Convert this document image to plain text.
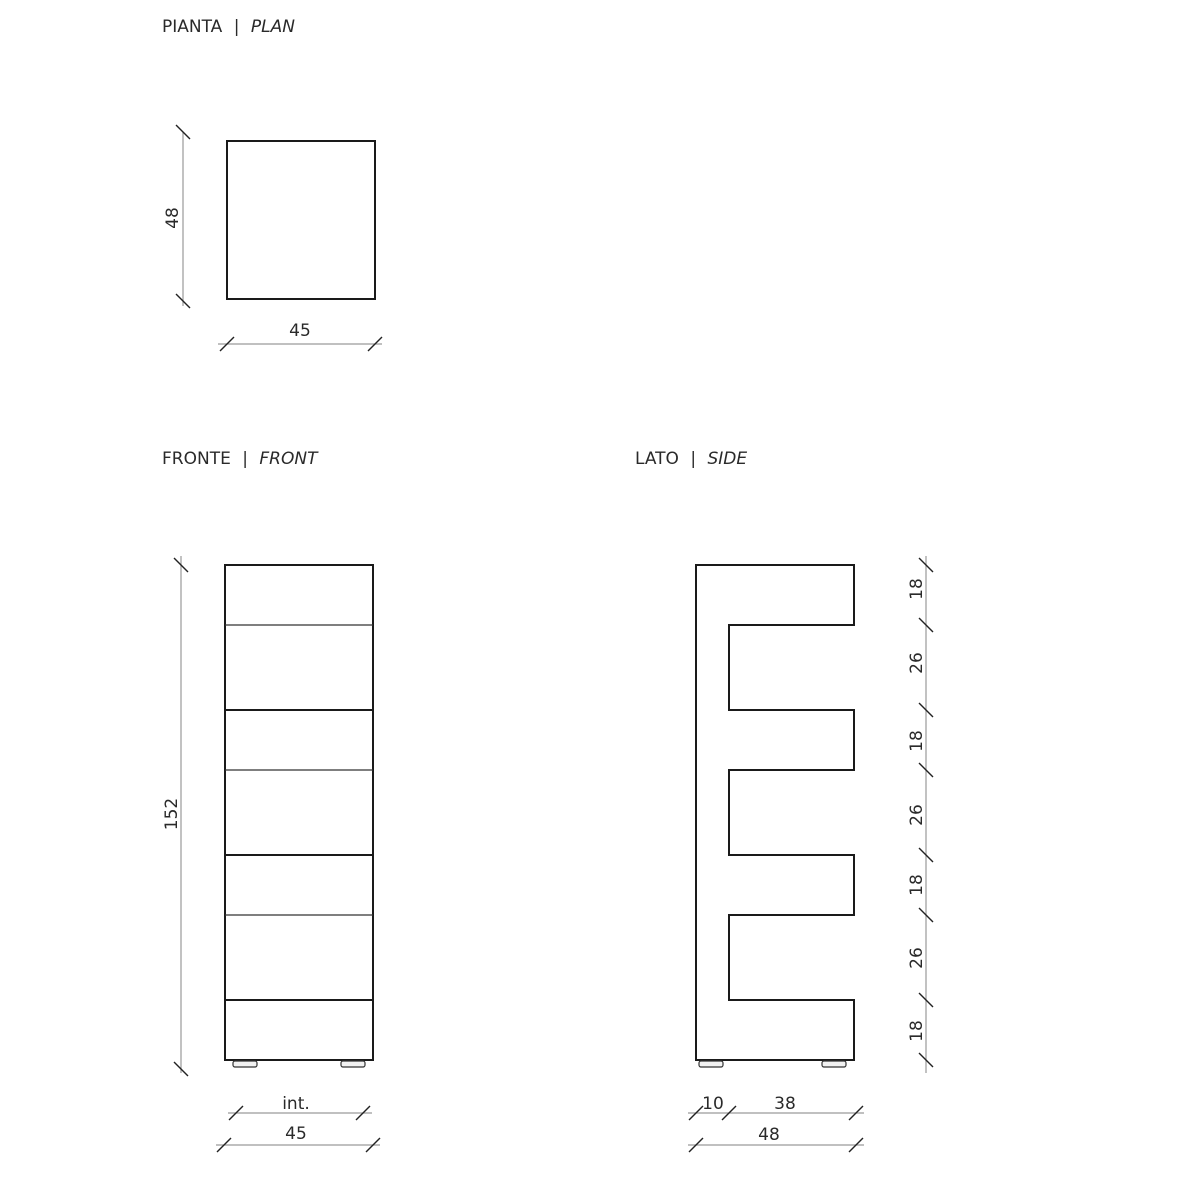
PIANTA | PLAN
48
45
FRONTE | FRONT
152
int.
45
LATO | SIDE
18
26
18
26
18
26
18
10	38
48
